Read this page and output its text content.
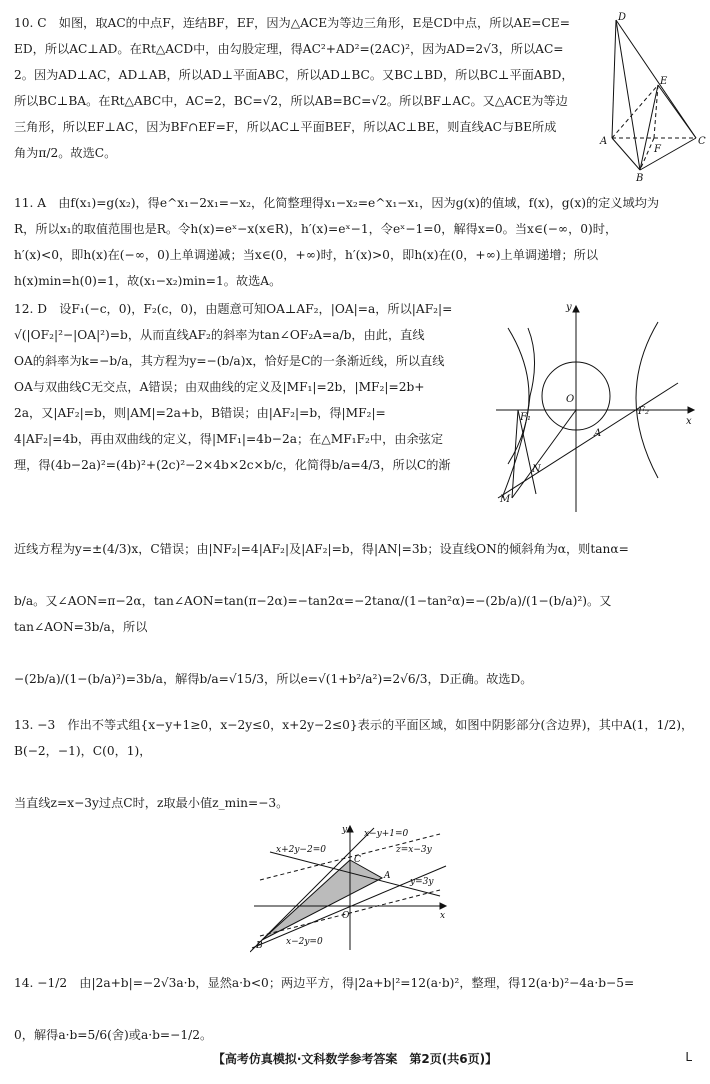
10. C　如图，取AC的中点F，连结BF，EF，因为△ACE为等边三角形，E是CD中点，所以AE=CE=
ED，所以AC⊥AD。在Rt△ACD中，由勾股定理，得AC²+AD²=(2AC)²，因为AD=2√3，所以AC=
2。因为AD⊥AC，AD⊥AB，所以AD⊥平面ABC，所以AD⊥BC。又BC⊥BD，所以BC⊥平面ABD，
所以BC⊥BA。在Rt△ABC中，AC=2，BC=√2，所以AB=BC=√2。所以BF⊥AC。又△ACE为等边
三角形，所以EF⊥AC，因为BF∩EF=F，所以AC⊥平面BEF，所以AC⊥BE，则直线AC与BE所成
角为π/2。故选C。
D
E
A
F
C
B
11. A　由f(x₁)=g(x₂)，得e^x₁−2x₁=−x₂，化简整理得x₁−x₂=e^x₁−x₁，因为g(x)的值域，f(x)，g(x)的定义域均为
R，所以x₁的取值范围也是R。令h(x)=eˣ−x(x∈R)，h′(x)=eˣ−1，令eˣ−1=0，解得x=0。当x∈(−∞，0)时，
h′(x)<0，即h(x)在(−∞，0)上单调递减；当x∈(0，+∞)时，h′(x)>0，即h(x)在(0，+∞)上单调递增；所以
h(x)min=h(0)=1，故(x₁−x₂)min=1。故选A。
12. D　设F₁(−c，0)，F₂(c，0)，由题意可知OA⊥AF₂，|OA|=a，所以|AF₂|=
√(|OF₂|²−|OA|²)=b，从而直线AF₂的斜率为tan∠OF₂A=a/b，由此，直线
OA的斜率为k=−b/a，其方程为y=−(b/a)x，恰好是C的一条渐近线，所以直线
OA与双曲线C无交点，A错误；由双曲线的定义及|MF₁|=2b，|MF₂|=2b+
2a，又|AF₂|=b，则|AM|=2a+b，B错误；由|AF₂|=b，得|MF₂|=
4|AF₂|=4b，再由双曲线的定义，得|MF₁|=4b−2a；在△MF₁F₂中，由余弦定
理，得(4b−2a)²=(4b)²+(2c)²−2×4b×2c×b/c，化简得b/a=4/3，所以C的渐
y
O
F₁
F₂
A
x
M
N
近线方程为y=±(4/3)x，C错误；由|NF₂|=4|AF₂|及|AF₂|=b，得|AN|=3b；设直线ON的倾斜角为α，则tanα=

b/a。又∠AON=π−2α，tan∠AON=tan(π−2α)=−tan2α=−2tanα/(1−tan²α)=−(2b/a)/(1−(b/a)²)。又tan∠AON=3b/a，所以

−(2b/a)/(1−(b/a)²)=3b/a，解得b/a=√15/3，所以e=√(1+b²/a²)=2√6/3，D正确。故选D。
13. −3　作出不等式组{x−y+1≥0，x−2y≤0，x+2y−2≤0}表示的平面区域，如图中阴影部分(含边界)，其中A(1，1/2)，B(−2，−1)，C(0，1)，

当直线z=x−3y过点C时，z取最小值z_min=−3。
y x−y+1=0
x+2y−2=0
C
z=x−3y
A
y=3y
O	x
B	x−2y=0
14. −1/2　由|2a+b|=−2√3a·b，显然a·b<0；两边平方，得|2a+b|²=12(a·b)²，整理，得12(a·b)²−4a·b−5=

0，解得a·b=5/6(舍)或a·b=−1/2。
【高考仿真模拟·文科数学参考答案　第2页(共6页)】	L
